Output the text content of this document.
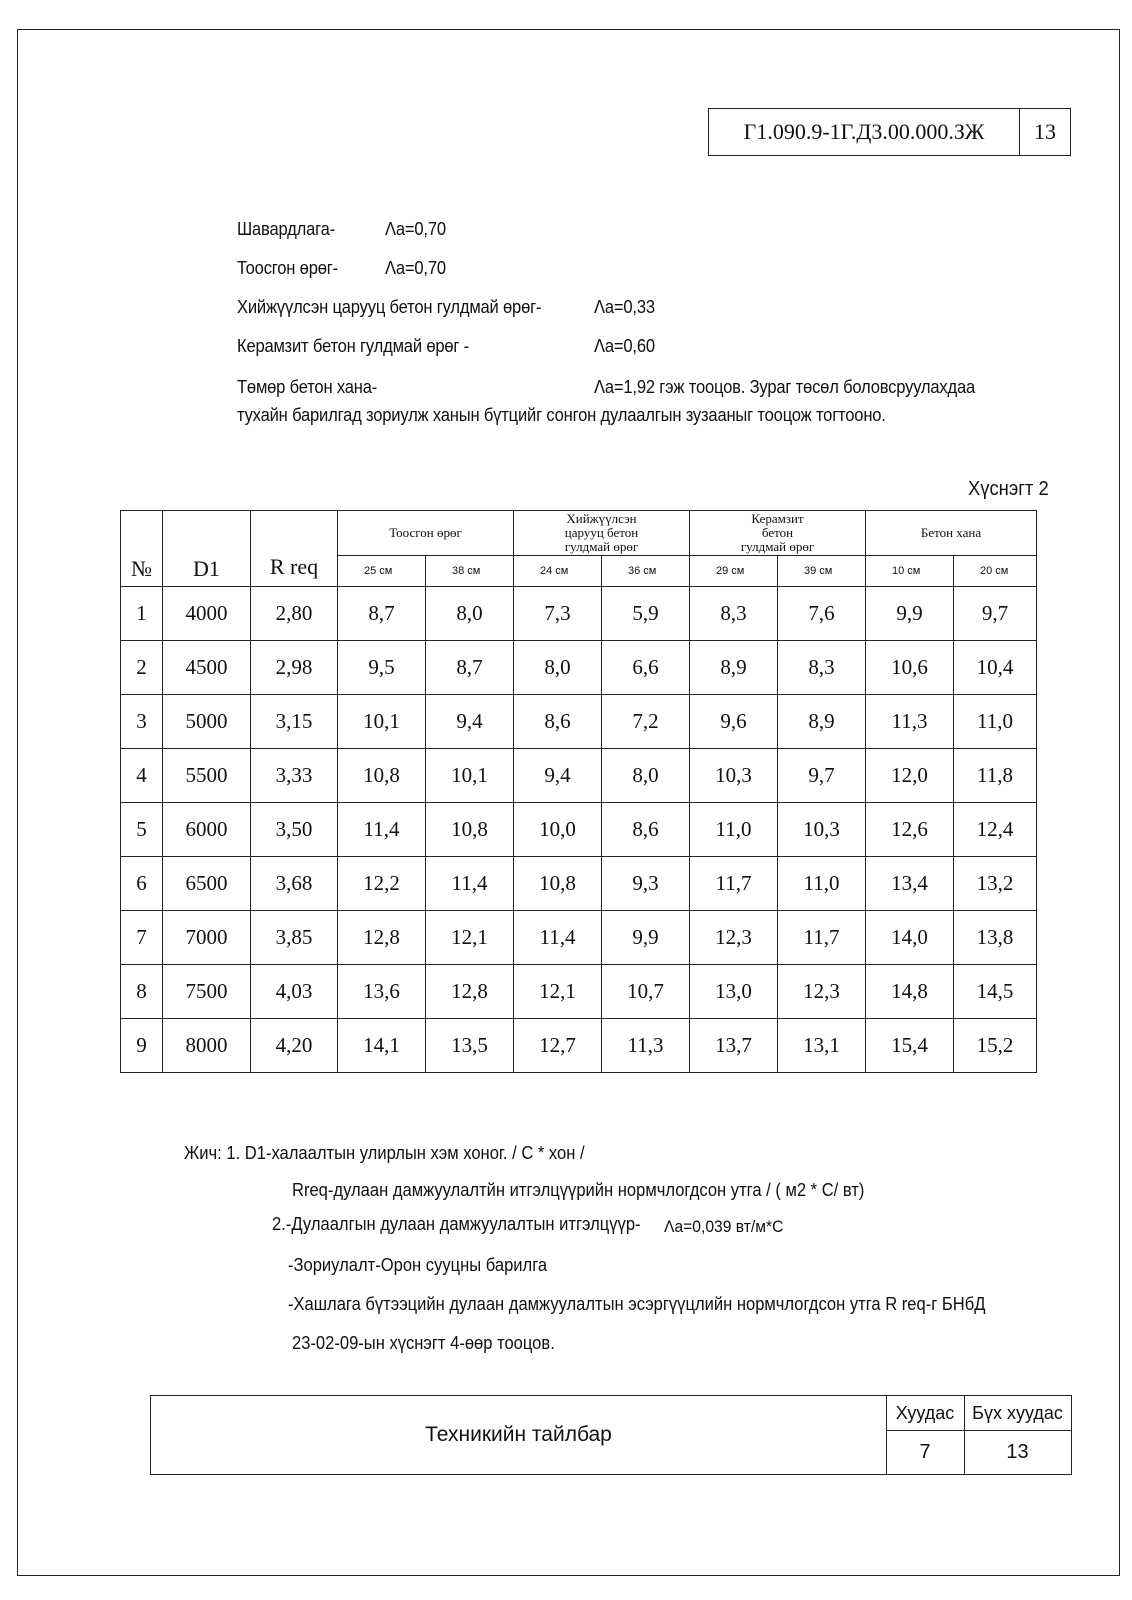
Г1.090.9-1Г.Д3.00.000.ЗЖ	13
Шавардлага-	Λa=0,70
Тоосгон өрөг-	Λa=0,70
Хийжүүлсэн царууц бетон гулдмай өрөг-	Λa=0,33
Керамзит бетон гулдмай өрөг -	Λa=0,60
Төмөр бетон хана-	Λa=1,92 гэж тооцов. Зураг төсөл боловсруулахдаа
тухайн барилгад зориулж ханын бүтцийг сонгон дулаалгын зузааныг тооцож тогтооно.
Хүснэгт 2
№	D1	R req	Тоосгон өрөг		Хийжүүлсэн царууц бетон гулдмай өрөг		Керамзит бетон гулдмай өрөг		Бетон хана	
			25 см	38 см	24 см	36 см	29 см	39 см	10 см	20 см
1	4000	2,80	8,7	8,0	7,3	5,9	8,3	7,6	9,9	9,7
2	4500	2,98	9,5	8,7	8,0	6,6	8,9	8,3	10,6	10,4
3	5000	3,15	10,1	9,4	8,6	7,2	9,6	8,9	11,3	11,0
4	5500	3,33	10,8	10,1	9,4	8,0	10,3	9,7	12,0	11,8
5	6000	3,50	11,4	10,8	10,0	8,6	11,0	10,3	12,6	12,4
6	6500	3,68	12,2	11,4	10,8	9,3	11,7	11,0	13,4	13,2
7	7000	3,85	12,8	12,1	11,4	9,9	12,3	11,7	14,0	13,8
8	7500	4,03	13,6	12,8	12,1	10,7	13,0	12,3	14,8	14,5
9	8000	4,20	14,1	13,5	12,7	11,3	13,7	13,1	15,4	15,2
Жич: 1. D1-халаалтын улирлын хэм хоног. / C * хон /
Rreq-дулаан дамжуулалтйн итгэлцүүрийн нормчлогдсон утга / ( м2 * C/ вт)
2.-Дулаалгын дулаан дамжуулалтын итгэлцүүр- Λa=0,039 вт/м*C
-Зориулалт-Орон сууцны барилга
-Хашлага бүтээцийн дулаан дамжуулалтын эсэргүүцлийн нормчлогдсон утга R req-г БНбД
23-02-09-ын хүснэгт 4-өөр тооцов.
Техникийн тайлбар
Хуудас Бүх хуудас
7	13
